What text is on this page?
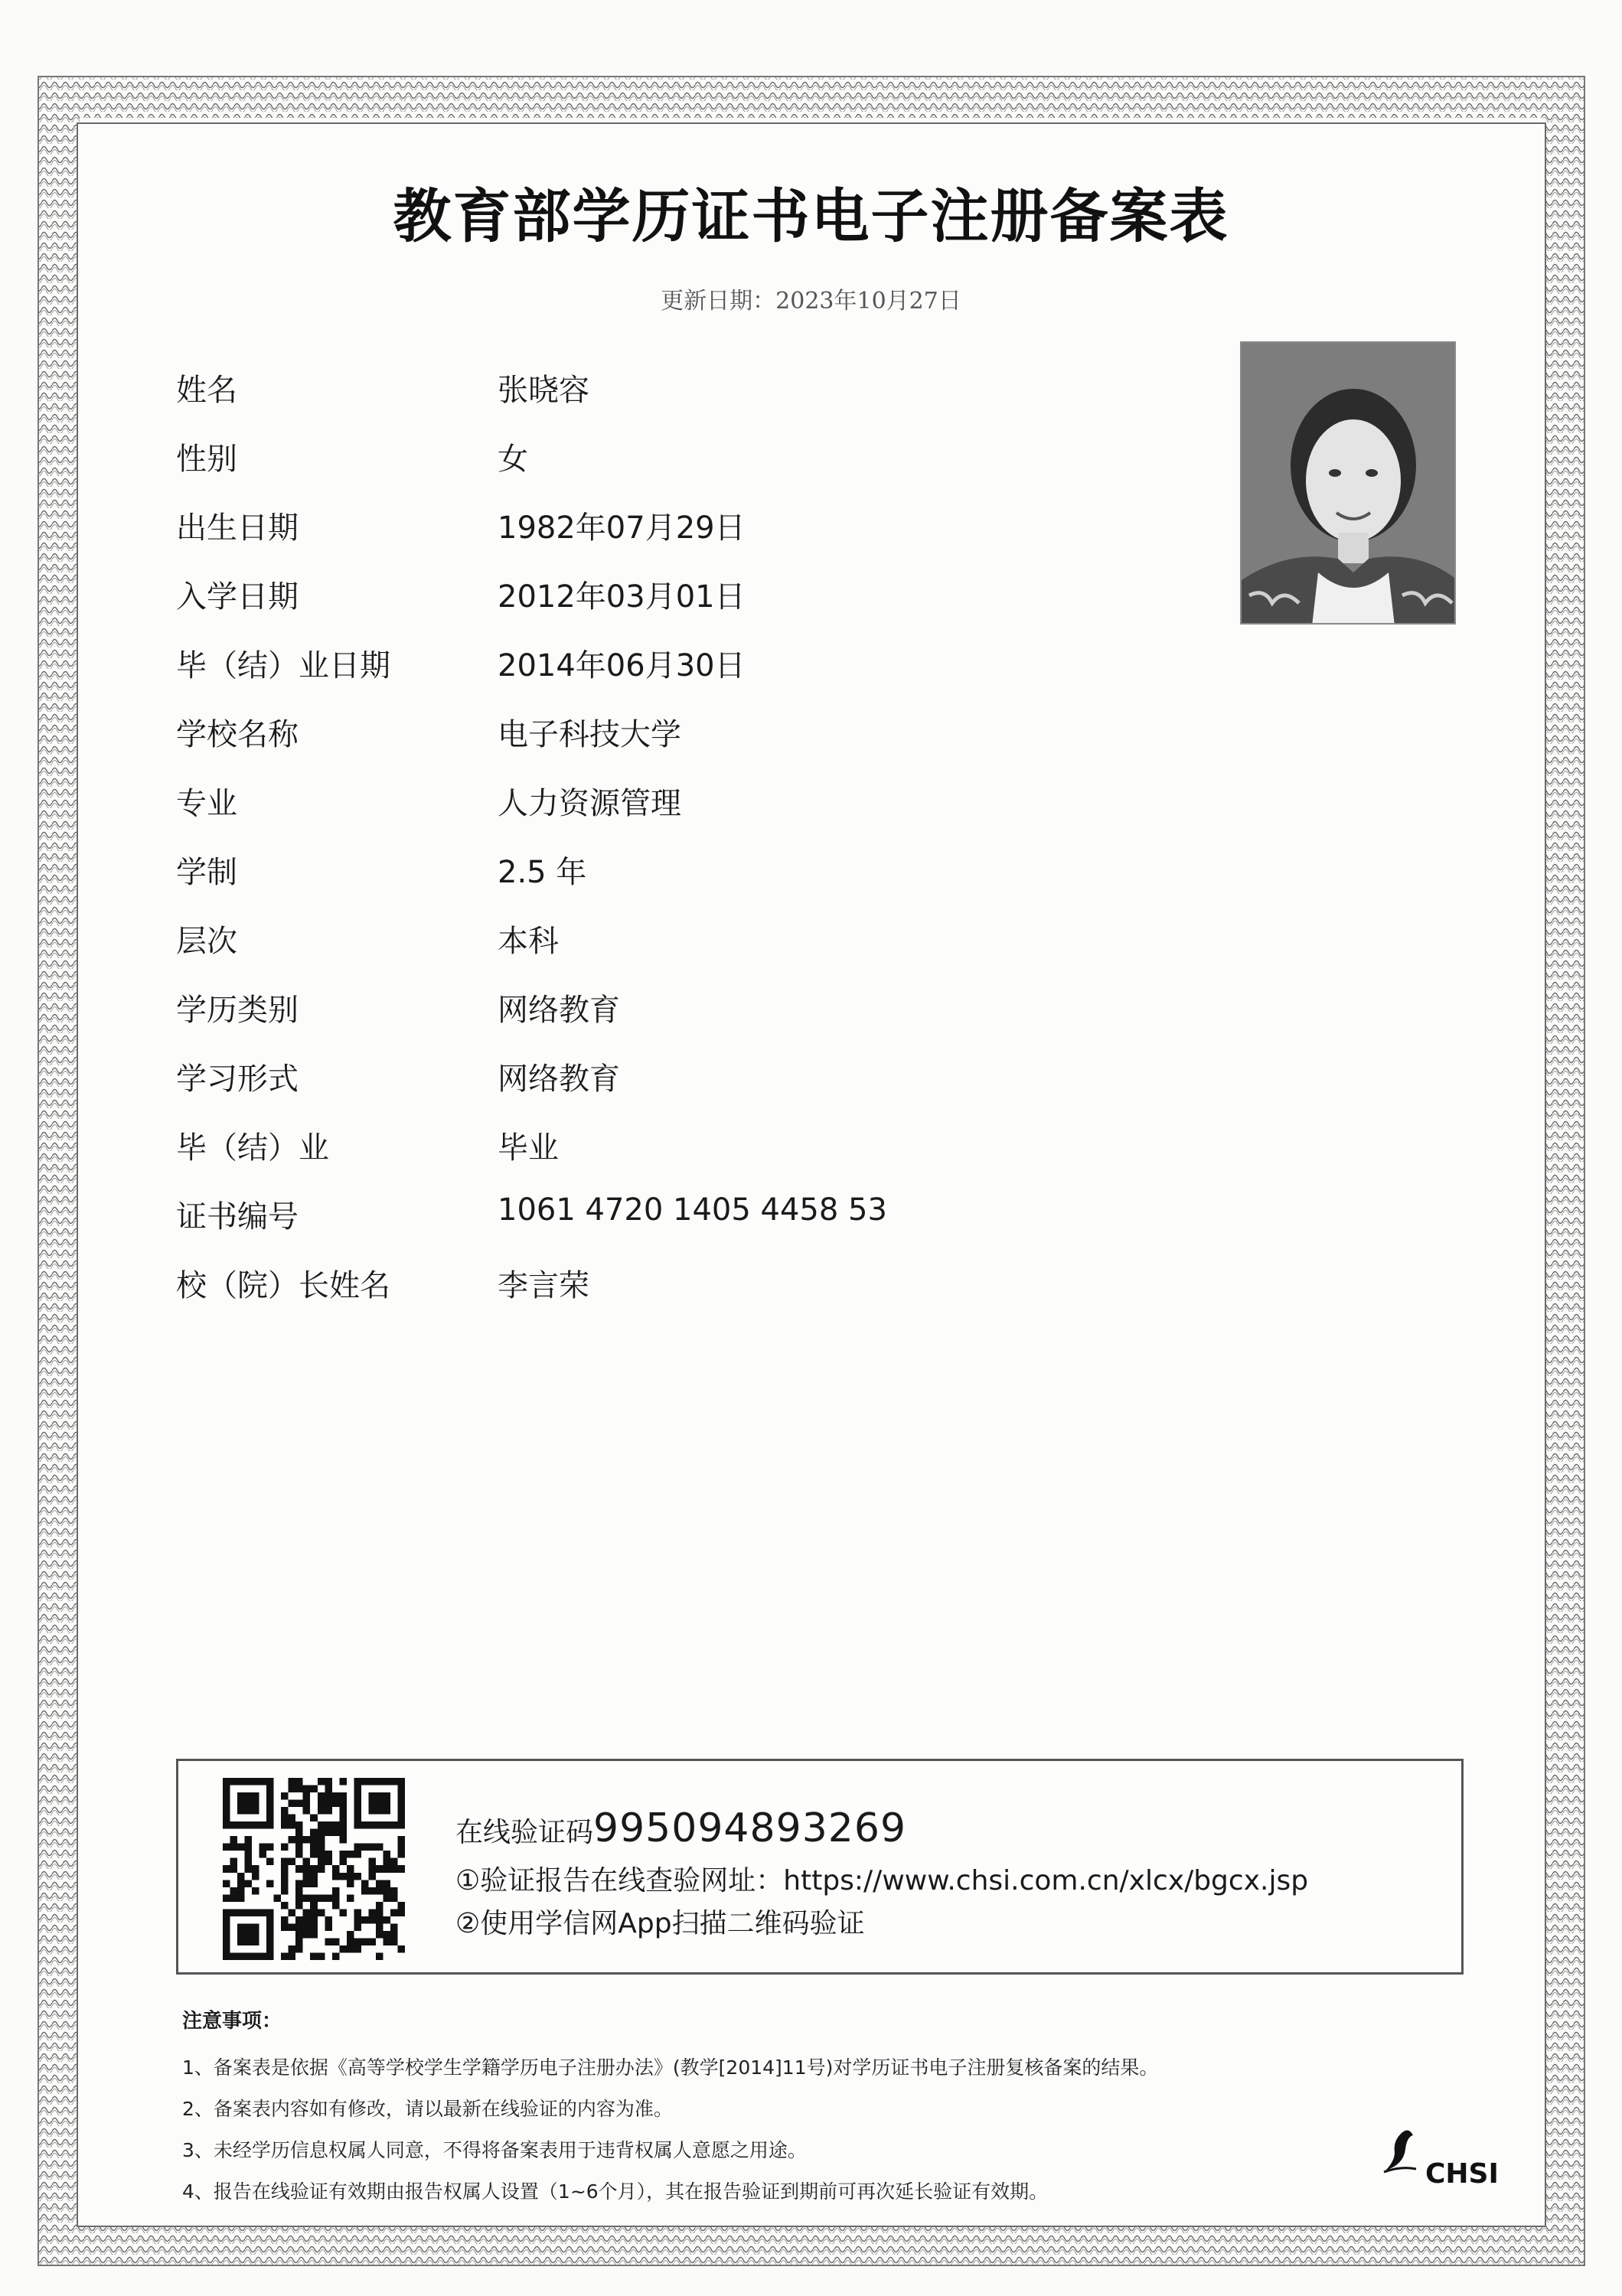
教育部学历证书电子注册备案表
更新日期：2023年10月27日
姓名	张晓容
性别	女
出生日期	1982年07月29日
入学日期	2012年03月01日
毕（结）业日期	2014年06月30日
学校名称	电子科技大学
专业	人力资源管理
学制	2.5 年
层次	本科
学历类别	网络教育
学习形式	网络教育
毕（结）业	毕业
证书编号	1061 4720 1405 4458 53
校（院）长姓名	李言荣
在线验证码995094893269
①验证报告在线查验网址：https://www.chsi.com.cn/xlcx/bgcx.jsp
②使用学信网App扫描二维码验证
注意事项：
1、备案表是依据《高等学校学生学籍学历电子注册办法》(教学[2014]11号)对学历证书电子注册复核备案的结果。
2、备案表内容如有修改，请以最新在线验证的内容为准。
3、未经学历信息权属人同意，不得将备案表用于违背权属人意愿之用途。
4、报告在线验证有效期由报告权属人设置（1~6个月），其在报告验证到期前可再次延长验证有效期。
CHSI
